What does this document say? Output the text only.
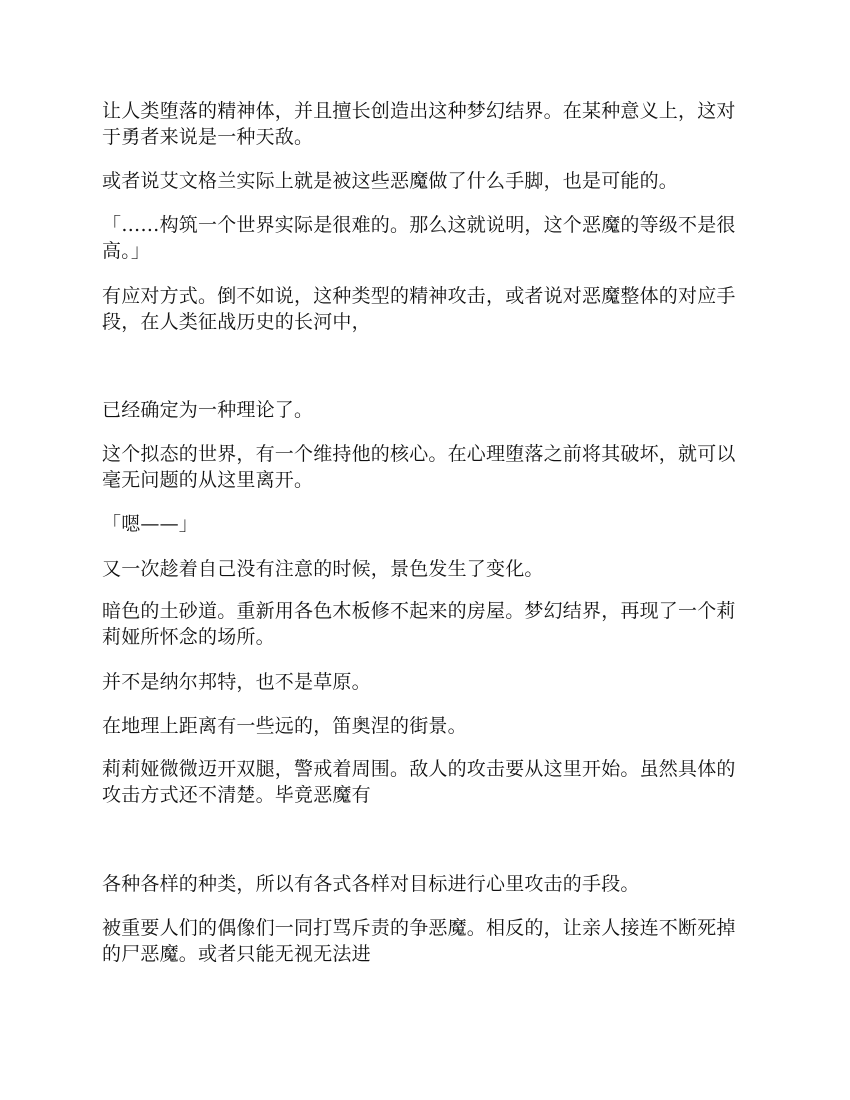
让人类堕落的精神体，并且擅长创造出这种梦幻结界。在某种意义上，这对于勇者来说是一种天敌。
或者说艾文格兰实际上就是被这些恶魔做了什么手脚，也是可能的。
「……构筑一个世界实际是很难的。那么这就说明，这个恶魔的等级不是很高。」
有应对方式。倒不如说，这种类型的精神攻击，或者说对恶魔整体的对应手段，在人类征战历史的长河中，
已经确定为一种理论了。
这个拟态的世界，有一个维持他的核心。在心理堕落之前将其破坏，就可以毫无问题的从这里离开。
「嗯——」
又一次趁着自己没有注意的时候，景色发生了变化。
暗色的土砂道。重新用各色木板修不起来的房屋。梦幻结界，再现了一个莉莉娅所怀念的场所。
并不是纳尔邦特，也不是草原。
在地理上距离有一些远的，笛奥涅的街景。
莉莉娅微微迈开双腿，警戒着周围。敌人的攻击要从这里开始。虽然具体的攻击方式还不清楚。毕竟恶魔有
各种各样的种类，所以有各式各样对目标进行心里攻击的手段。
被重要人们的偶像们一同打骂斥责的争恶魔。相反的，让亲人接连不断死掉的尸恶魔。或者只能无视无法进
